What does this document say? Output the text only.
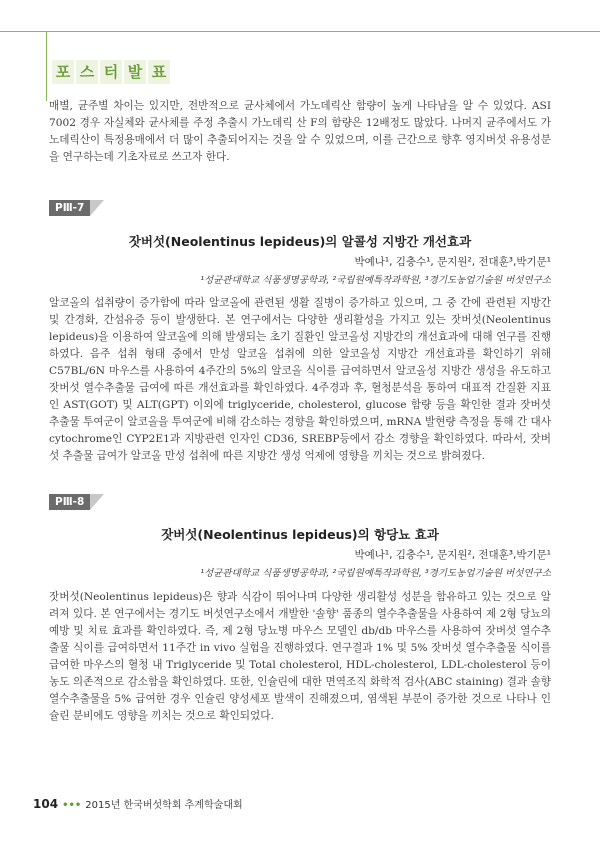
포 스 터 발 표
매별, 균주별 차이는 있지만, 전반적으로 균사체에서 가노데릭산 함량이 높게 나타남을 알 수 있었다. ASI 7002 경우 자실체와 균사체를 주정 추출시 가노데릭 산 F의 함량은 12배정도 많았다. 나머지 균주에서도 가노데릭산이 특정용매에서 더 많이 추출되어지는 것을 알 수 있었으며, 이를 근간으로 향후 영지버섯 유용성분을 연구하는데 기초자료로 쓰고자 한다.
PⅢ-7
잣버섯(Neolentinus lepideus)의 알콜성 지방간 개선효과
박예나¹, 김충수¹, 문지원², 전대훈³,박기문¹
¹성균관대학교 식품생명공학과, ²국립원예특작과학원, ³경기도농업기술원 버섯연구소
알코올의 섭취량이 증가함에 따라 알코올에 관련된 생활 질병이 증가하고 있으며, 그 중 간에 관련된 지방간 및 간경화, 간섬유증 등이 발생한다. 본 연구에서는 다양한 생리활성을 가지고 있는 잣버섯(Neolentinus lepideus)을 이용하여 알코올에 의해 발생되는 초기 질환인 알코올성 지방간의 개선효과에 대해 연구를 진행하였다. 음주 섭취 형태 중에서 만성 알코올 섭취에 의한 알코올성 지방간 개선효과를 확인하기 위해 C57BL/6N 마우스를 사용하여 4주간의 5%의 알코올 식이를 급여하면서 알코올성 지방간 생성을 유도하고 잣버섯 열수추출물 급여에 따른 개선효과를 확인하였다. 4주경과 후, 혈청분석을 통하여 대표적 간질환 지표인 AST(GOT) 및 ALT(GPT) 이외에 triglyceride, cholesterol, glucose 함량 등을 확인한 결과 잣버섯 추출물 투여군이 알코올을 투여군에 비해 감소하는 경향을 확인하였으며, mRNA 발현량 측정을 통해 간 대사 cytochrome인 CYP2E1과 지방관련 인자인 CD36, SREBP등에서 감소 경향을 확인하였다. 따라서, 잣버섯 추출물 급여가 알코올 만성 섭취에 따른 지방간 생성 억제에 영향을 끼치는 것으로 밝혀졌다.
PⅢ-8
잣버섯(Neolentinus lepideus)의 항당뇨 효과
박예나¹, 김충수¹, 문지원², 전대훈³,박기문¹
¹성균관대학교 식품생명공학과, ²국립원예특작과학원, ³경기도농업기술원 버섯연구소
잣버섯(Neolentinus lepideus)은 향과 식감이 뛰어나며 다양한 생리활성 성분을 함유하고 있는 것으로 알려져 있다. 본 연구에서는 경기도 버섯연구소에서 개발한 '솔향' 품종의 열수추출물을 사용하여 제 2형 당뇨의 예방 및 치료 효과를 확인하였다. 즉, 제 2형 당뇨병 마우스 모델인 db/db 마우스를 사용하여 잣버섯 열수추출물 식이를 급여하면서 11주간 in vivo 실험을 진행하였다. 연구결과 1% 및 5% 잣버섯 열수추출물 식이를 급여한 마우스의 혈청 내 Triglyceride 및 Total cholesterol, HDL-cholesterol, LDL-cholesterol 등이 농도 의존적으로 감소함을 확인하였다. 또한, 인슐린에 대한 면역조직 화학적 검사(ABC staining) 결과 솔향 열수추출물을 5% 급여한 경우 인슐린 양성세포 발색이 진해졌으며, 염색된 부분이 증가한 것으로 나타나 인슐린 분비에도 영향을 끼치는 것으로 확인되었다.
104 ••• 2015년 한국버섯학회 추계학술대회
